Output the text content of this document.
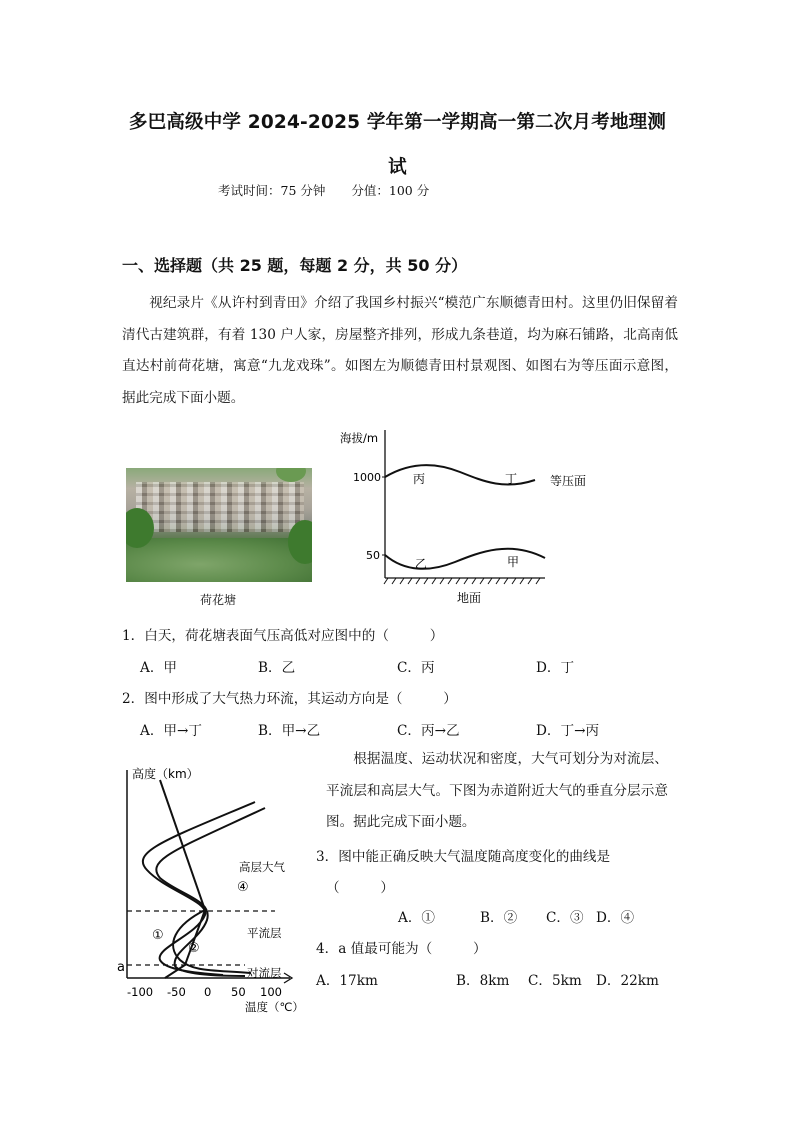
多巴高级中学 2024-2025 学年第一学期高一第二次月考地理测
试
考试时间：75 分钟 分值：100 分
一、选择题（共 25 题，每题 2 分，共 50 分）
视纪录片《从许村到青田》介绍了我国乡村振兴“模范广东顺德青田村。这里仍旧保留着清代古建筑群，有着 130 户人家，房屋整齐排列，形成九条巷道，均为麻石铺路，北高南低直达村前荷花塘，寓意“九龙戏珠”。如图左为顺德青田村景观图、如图右为等压面示意图，据此完成下面小题。
荷花塘
海拔/m
1000
50
丙	丁	等压面
乙	甲
地面
1．白天，荷花塘表面气压高低对应图中的（　　　）
A．甲	B．乙	C．丙	D．丁
2．图中形成了大气热力环流，其运动方向是（　　　）
A．甲→丁	B．甲→乙	C．丙→乙	D．丁→丙
高度（km）
a
①
②
④
高层大气
平流层
对流层
-100 -50 0 50 100
温度（℃）
根据温度、运动状况和密度，大气可划分为对流层、平流层和高层大气。下图为赤道附近大气的垂直分层示意图。据此完成下面小题。
3．图中能正确反映大气温度随高度变化的曲线是
（　　　）
A．①	B．② C．③ D．④
4．a 值最可能为（　　　）
A．17km	B．8km C．5km D．22km
